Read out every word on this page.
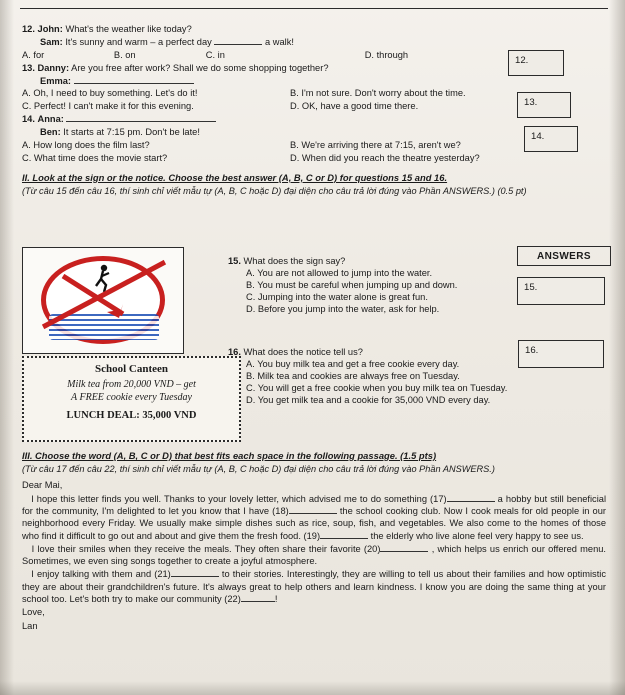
12. John: What's the weather like today?
Sam: It's sunny and warm – a perfect day	a walk!
A. for	B. on	C. in	D. through
13. Danny: Are you free after work? Shall we do some shopping together?
Emma:
A. Oh, I need to buy something. Let's do it!	B. I'm not sure. Don't worry about the time.
C. Perfect! I can't make it for this evening.	D. OK, have a good time there.
14. Anna:
Ben: It starts at 7:15 pm. Don't be late!
A. How long does the film last?	B. We're arriving there at 7:15, aren't we?
C. What time does the movie start?	D. When did you reach the theatre yesterday?
II. Look at the sign or the notice. Choose the best answer (A, B, C or D) for questions 15 and 16.
(Từ câu 15 đến câu 16, thí sinh chỉ viết mẫu tự (A, B, C hoặc D) đại diện cho câu trả lời đúng vào Phần ANSWERS.) (0.5 pt)
12.
13.
14.
ANSWERS
15.
16.
School Canteen
Milk tea from 20,000 VND – get
A FREE cookie every Tuesday
LUNCH DEAL: 35,000 VND
15. What does the sign say?
A. You are not allowed to jump into the water.
B. You must be careful when jumping up and down.
C. Jumping into the water alone is great fun.
D. Before you jump into the water, ask for help.
16. What does the notice tell us?
A. You buy milk tea and get a free cookie every day.
B. Milk tea and cookies are always free on Tuesday.
C. You will get a free cookie when you buy milk tea on Tuesday.
D. You get milk tea and a cookie for 35,000 VND every day.
III. Choose the word (A, B, C or D) that best fits each space in the following passage. (1.5 pts)
(Từ câu 17 đến câu 22, thí sinh chỉ viết mẫu tự (A, B, C hoặc D) đại diện cho câu trả lời đúng vào Phần ANSWERS.)

Dear Mai,

I hope this letter finds you well. Thanks to your lovely letter, which advised me to do something (17)	a hobby but still beneficial for the community, I'm delighted to let you know that I have (18)	the school cooking club. Now I cook meals for old people in our neighborhood every Friday. We usually make simple dishes such as rice, soup, fish, and vegetables. We also come to the homes of those who find it difficult to go out and about and give them the fresh food. (19)	the elderly who live alone feel very happy to see us.

I love their smiles when they receive the meals. They often share their favorite (20)	, which helps us enrich our offered menu. Sometimes, we even sing songs together to create a joyful atmosphere.

I enjoy talking with them and (21)	to their stories. Interestingly, they are willing to tell us about their families and how optimistic they are about their grandchildren's future. It's always great to help others and learn kindness. I know you are doing the same thing at your school too. Let's both try to make our community (22)	!

Love,
Lan
